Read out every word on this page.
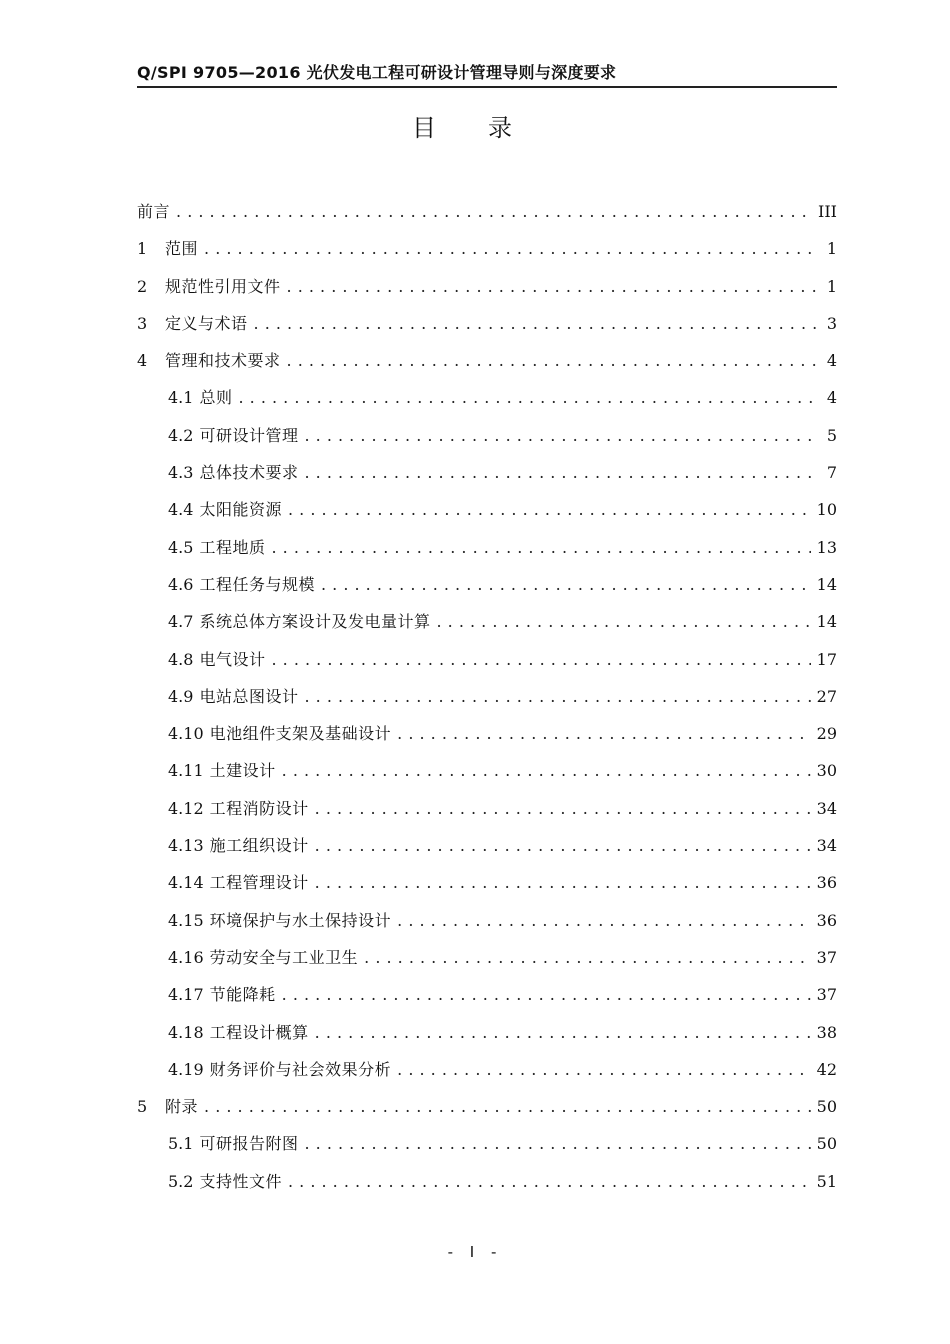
Q/SPI 9705—2016 光伏发电工程可研设计管理导则与深度要求
目录
前言 . . .	III
1	范围 . . .	1
2	规范性引用文件 . . .	1
3	定义与术语 . . .	3
4	管理和技术要求 . . .	4
4.1 总则 . . .	4
4.2 可研设计管理 . . .	5
4.3 总体技术要求 . . .	7
4.4 太阳能资源 . . .	10
4.5 工程地质 . . .	13
4.6 工程任务与规模 . . .	14
4.7 系统总体方案设计及发电量计算 . . .	14
4.8 电气设计 . . .	17
4.9 电站总图设计 . . .	27
4.10 电池组件支架及基础设计 . . .	29
4.11 土建设计 . . .	30
4.12 工程消防设计 . . .	34
4.13 施工组织设计 . . .	34
4.14 工程管理设计 . . .	36
4.15 环境保护与水土保持设计 . . .	36
4.16 劳动安全与工业卫生 . . .	37
4.17 节能降耗 . . .	37
4.18 工程设计概算 . . .	38
4.19 财务评价与社会效果分析 . . .	42
5	附录 . . .	50
5.1 可研报告附图 . . .	50
5.2 支持性文件 . . .	51
- I -
